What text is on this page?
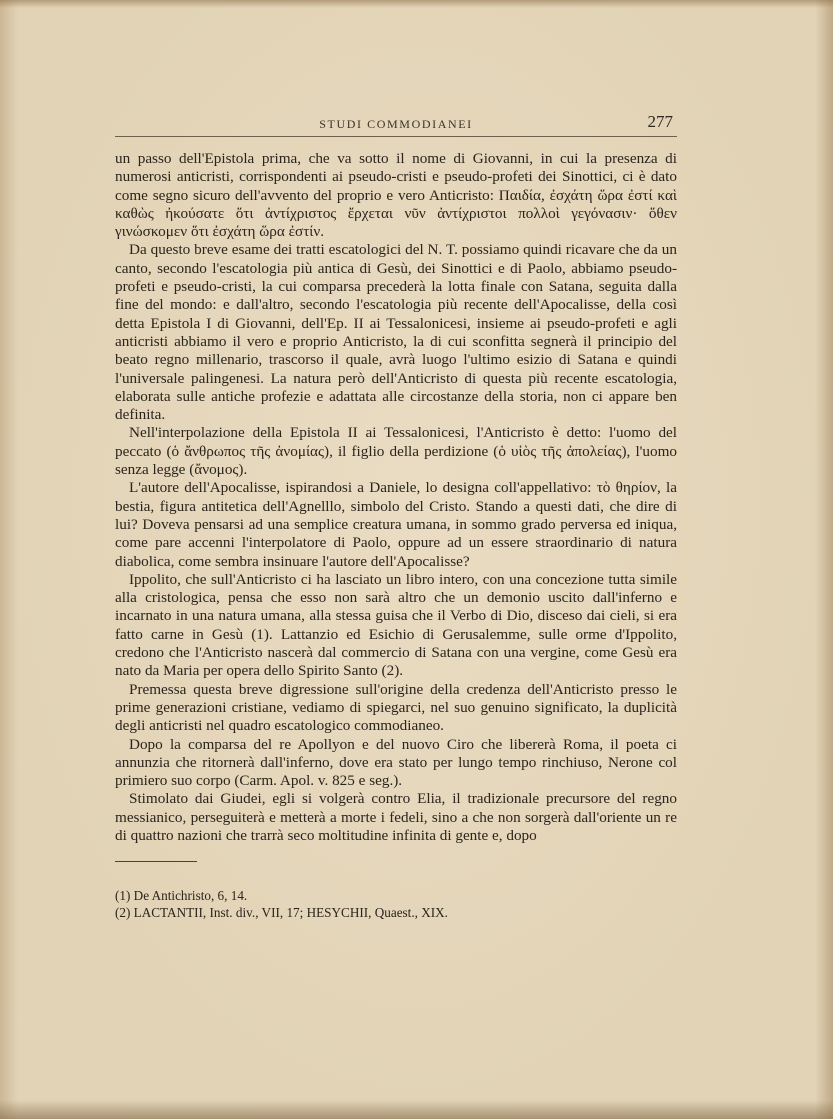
STUDI COMMODIANEI	277

un passo dell'Epistola prima, che va sotto il nome di Giovanni, in cui la presenza di numerosi anticristi, corrispondenti ai pseudo-cristi e pseudo-profeti dei Sinottici, ci è dato come segno sicuro dell'avvento del proprio e vero Anticristo: Παιδία, ἐσχάτη ὥρα ἐστί καὶ καθὼς ἠκούσατε ὅτι ἀντίχριστος ἔρχεται νῦν ἀντίχριστοι πολλοὶ γεγόνασιν· ὅθεν γινώσκομεν ὅτι ἐσχάτη ὥρα ἐστίν.

Da questo breve esame dei tratti escatologici del N. T. possiamo quindi ricavare che da un canto, secondo l'escatologia più antica di Gesù, dei Sinottici e di Paolo, abbiamo pseudo-profeti e pseudo-cristi, la cui comparsa precederà la lotta finale con Satana, seguita dalla fine del mondo: e dall'altro, secondo l'escatologia più recente dell'Apocalisse, della così detta Epistola I di Giovanni, dell'Ep. II ai Tessalonicesi, insieme ai pseudo-profeti e agli anticristi abbiamo il vero e proprio Anticristo, la di cui sconfitta segnerà il principio del beato regno millenario, trascorso il quale, avrà luogo l'ultimo esizio di Satana e quindi l'universale palingenesi. La natura però dell'Anticristo di questa più recente escatologia, elaborata sulle antiche profezie e adattata alle circostanze della storia, non ci appare ben definita.

Nell'interpolazione della Epistola II ai Tessalonicesi, l'Anticristo è detto: l'uomo del peccato (ὁ ἄνθρωπος τῆς ἀνομίας), il figlio della perdizione (ὁ υἱὸς τῆς ἀπολείας), l'uomo senza legge (ἄνομος).

L'autore dell'Apocalisse, ispirandosi a Daniele, lo designa coll'appellativo: τὸ θηρίον, la bestia, figura antitetica dell'Agnelllo, simbolo del Cristo. Stando a questi dati, che dire di lui? Doveva pensarsi ad una semplice creatura umana, in sommo grado perversa ed iniqua, come pare accenni l'interpolatore di Paolo, oppure ad un essere straordinario di natura diabolica, come sembra insinuare l'autore dell'Apocalisse?

Ippolito, che sull'Anticristo ci ha lasciato un libro intero, con una concezione tutta simile alla cristologica, pensa che esso non sarà altro che un demonio uscito dall'inferno e incarnato in una natura umana, alla stessa guisa che il Verbo di Dio, disceso dai cieli, si era fatto carne in Gesù (1). Lattanzio ed Esichio di Gerusalemme, sulle orme d'Ippolito, credono che l'Anticristo nascerà dal commercio di Satana con una vergine, come Gesù era nato da Maria per opera dello Spirito Santo (2).

Premessa questa breve digressione sull'origine della credenza dell'Anticristo presso le prime generazioni cristiane, vediamo di spiegarci, nel suo genuino significato, la duplicità degli anticristi nel quadro escatologico commodianeo.

Dopo la comparsa del re Apollyon e del nuovo Ciro che libererà Roma, il poeta ci annunzia che ritornerà dall'inferno, dove era stato per lungo tempo rinchiuso, Nerone col primiero suo corpo (Carm. Apol. v. 825 e seg.).

Stimolato dai Giudei, egli si volgerà contro Elia, il tradizionale precursore del regno messianico, perseguiterà e metterà a morte i fedeli, sino a che non sorgerà dall'oriente un re di quattro nazioni che trarrà seco moltitudine infinita di gente e, dopo

(1) De Antichristo, 6, 14.
(2) LACTANTII, Inst. div., VII, 17; HESYCHII, Quaest., XIX.
